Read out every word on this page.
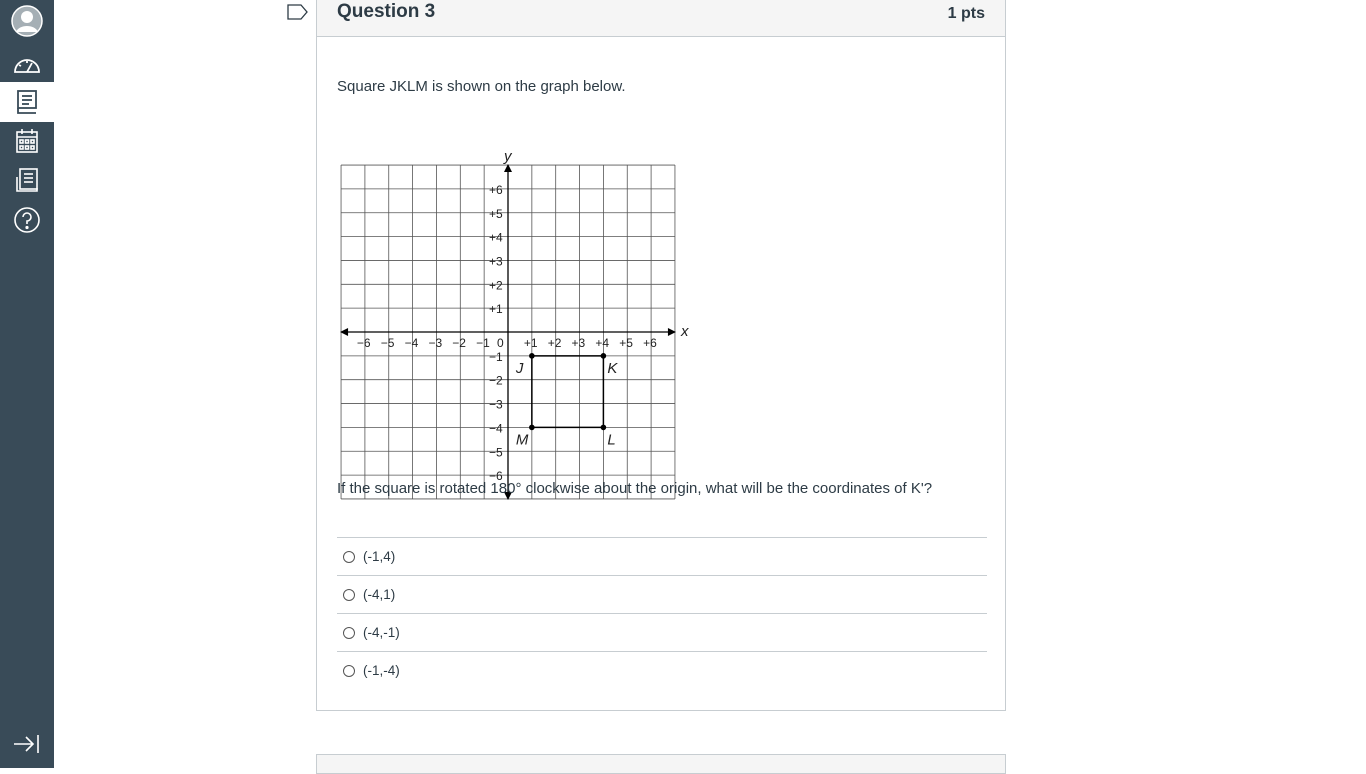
Question 3	1 pts
Square JKLM is shown on the graph below.
x
y
−6 −5 −4 −3 −2 −1 0 +1 +2 +3 +4 +5 +6
+6
+5
+4
+3
+2
+1
−1
−2
−3
−4
−5
−6
J	K
L
M
If the square is rotated 180° clockwise about the origin, what will be the coordinates of K'?
(-1,4)
(-4,1)
(-4,-1)
(-1,-4)
